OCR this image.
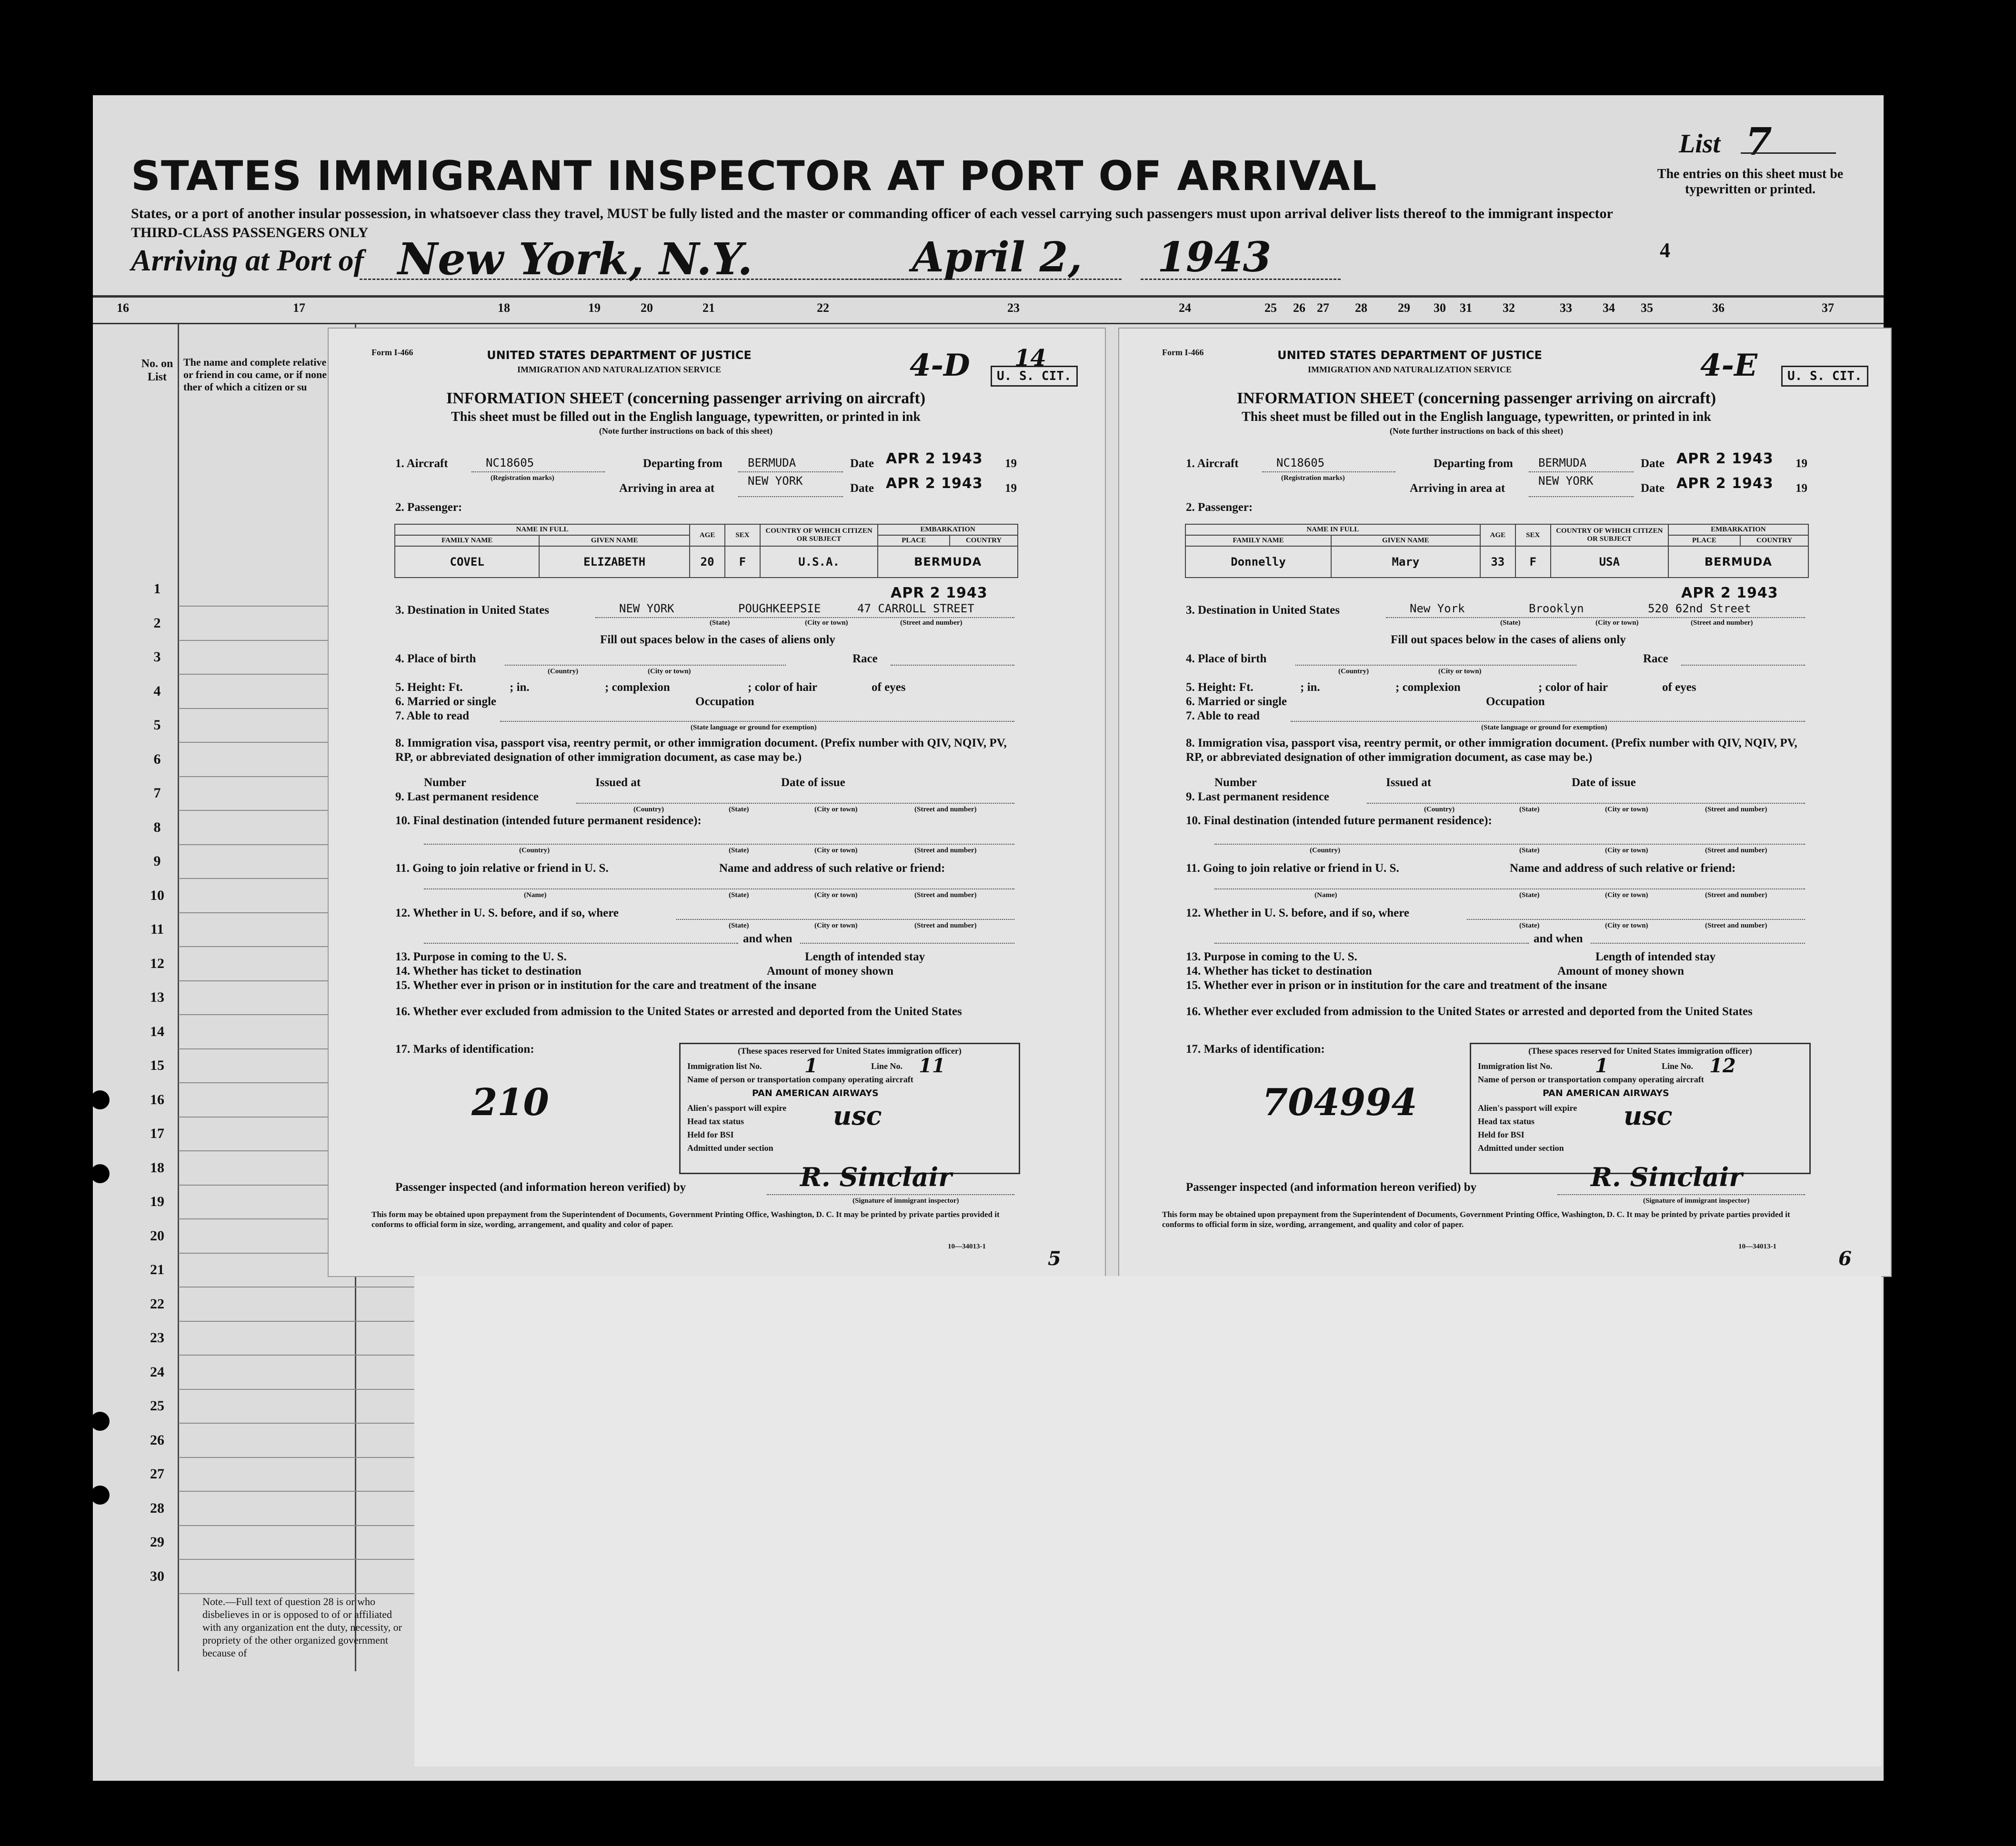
List 7
The entries on this sheet must be typewritten or printed.
STATES IMMIGRANT INSPECTOR AT PORT OF ARRIVAL
States, or a port of another insular possession, in whatsoever class they travel, MUST be fully listed and the master or commanding officer of each vessel carrying such passengers must upon arrival deliver lists thereof to the immigrant inspector
THIRD-CLASS PASSENGERS ONLY
4
Arriving at Port of New York, N.Y.	April 2, 1943
16	17	18	19	20	21	22	23	24	25 26 27 28 29 30 31 32	33 34 35	36	37
No. on List
The name and complete relative or friend in cou came, or if none ther of which a citizen or su
1
2
3
4
5
6
7
8
9
10
11
12
13
14
15
16
17
18
19
20
21
22
23
24
25
26
27
28
29
30
Note.—Full text of question 28 is or who disbelieves in or is opposed to of or affiliated with any organization ent the duty, necessity, or propriety of the other organized government because of
Form I-466	UNITED STATES DEPARTMENT OF JUSTICE
IMMIGRATION AND NATURALIZATION SERVICE	4-D 14
U. S. CIT.
INFORMATION SHEET (concerning passenger arriving on aircraft)
This sheet must be filled out in the English language, typewritten, or printed in ink
(Note further instructions on back of this sheet)
1. Aircraft	NC18605
(Registration marks)
Departing from BERMUDA	Date APR 2 1943 19
Arriving in area at
NEW YORK
Date APR 2 1943 19
2. Passenger:
NAME IN FULL		AGE	SEX	COUNTRY OF WHICH CITIZEN OR SUBJECT	EMBARKATION	
FAMILY NAME	GIVEN NAME				PLACE	COUNTRY
COVEL	ELIZABETH	20	F	U.S.A.	BERMUDA	
APR 2 1943
3. Destination in United States	NEW YORK	POUGHKEEPSIE	47 CARROLL STREET
(State)	(City or town)	(Street and number)
Fill out spaces below in the cases of aliens only
4. Place of birth	Race
(Country)	(City or town)
5. Height: Ft.	; in.	; complexion	; color of hair	of eyes
6. Married or single	Occupation
7. Able to read
(State language or ground for exemption)
8. Immigration visa, passport visa, reentry permit, or other immigration document. (Prefix number with QIV, NQIV, PV, RP, or abbreviated designation of other immigration document, as case may be.)
Number	Issued at	Date of issue
9. Last permanent residence
(Country)	(State)	(City or town)	(Street and number)
10. Final destination (intended future permanent residence):
(Country)	(State)	(City or town)	(Street and number)
11. Going to join relative or friend in U. S.	Name and address of such relative or friend:
(Name)	(State)	(City or town)	(Street and number)
12. Whether in U. S. before, and if so, where
(State)	(City or town)	(Street and number)
and when
13. Purpose in coming to the U. S.	Length of intended stay
14. Whether has ticket to destination	Amount of money shown
15. Whether ever in prison or in institution for the care and treatment of the insane
16. Whether ever excluded from admission to the United States or arrested and deported from the United States
17. Marks of identification:
210
(These spaces reserved for United States immigration officer)
Immigration list No. 1	Line No. 11
Name of person or transportation company operating aircraft
PAN AMERICAN AIRWAYS
Alien's passport will expire
Head tax status	usc
Held for BSI
Admitted under section
Passenger inspected (and information hereon verified) by	R. Sinclair
(Signature of immigrant inspector)
This form may be obtained upon prepayment from the Superintendent of Documents, Government Printing Office, Washington, D. C. It may be printed by private parties provided it conforms to official form in size, wording, arrangement, and quality and color of paper.
10—34013-1
5
Form I-466	UNITED STATES DEPARTMENT OF JUSTICE
IMMIGRATION AND NATURALIZATION SERVICE	4-E	U. S. CIT.
INFORMATION SHEET (concerning passenger arriving on aircraft)
This sheet must be filled out in the English language, typewritten, or printed in ink
(Note further instructions on back of this sheet)
1. Aircraft	NC18605
(Registration marks)
Departing from BERMUDA	Date APR 2 1943 19
Arriving in area at
NEW YORK
Date APR 2 1943 19
2. Passenger:
NAME IN FULL		AGE	SEX	COUNTRY OF WHICH CITIZEN OR SUBJECT	EMBARKATION	
FAMILY NAME	GIVEN NAME				PLACE	COUNTRY
Donnelly	Mary	33	F	USA	BERMUDA	
APR 2 1943
3. Destination in United States	New York	Brooklyn	520 62nd Street
(State)	(City or town)	(Street and number)
Fill out spaces below in the cases of aliens only
4. Place of birth	Race
(Country)	(City or town)
5. Height: Ft.	; in.	; complexion	; color of hair	of eyes
6. Married or single	Occupation
7. Able to read
(State language or ground for exemption)
8. Immigration visa, passport visa, reentry permit, or other immigration document. (Prefix number with QIV, NQIV, PV, RP, or abbreviated designation of other immigration document, as case may be.)
Number	Issued at	Date of issue
9. Last permanent residence
(Country)	(State)	(City or town)	(Street and number)
10. Final destination (intended future permanent residence):
(Country)	(State)	(City or town)	(Street and number)
11. Going to join relative or friend in U. S.	Name and address of such relative or friend:
(Name)	(State)	(City or town)	(Street and number)
12. Whether in U. S. before, and if so, where
(State)	(City or town)	(Street and number)
and when
13. Purpose in coming to the U. S.	Length of intended stay
14. Whether has ticket to destination	Amount of money shown
15. Whether ever in prison or in institution for the care and treatment of the insane
16. Whether ever excluded from admission to the United States or arrested and deported from the United States
17. Marks of identification:
704994
(These spaces reserved for United States immigration officer)
Immigration list No. 1	Line No. 12
Name of person or transportation company operating aircraft
PAN AMERICAN AIRWAYS
Alien's passport will expire
Head tax status	usc
Held for BSI
Admitted under section
Passenger inspected (and information hereon verified) by	R. Sinclair
(Signature of immigrant inspector)
This form may be obtained upon prepayment from the Superintendent of Documents, Government Printing Office, Washington, D. C. It may be printed by private parties provided it conforms to official form in size, wording, arrangement, and quality and color of paper.
10—34013-1
6
